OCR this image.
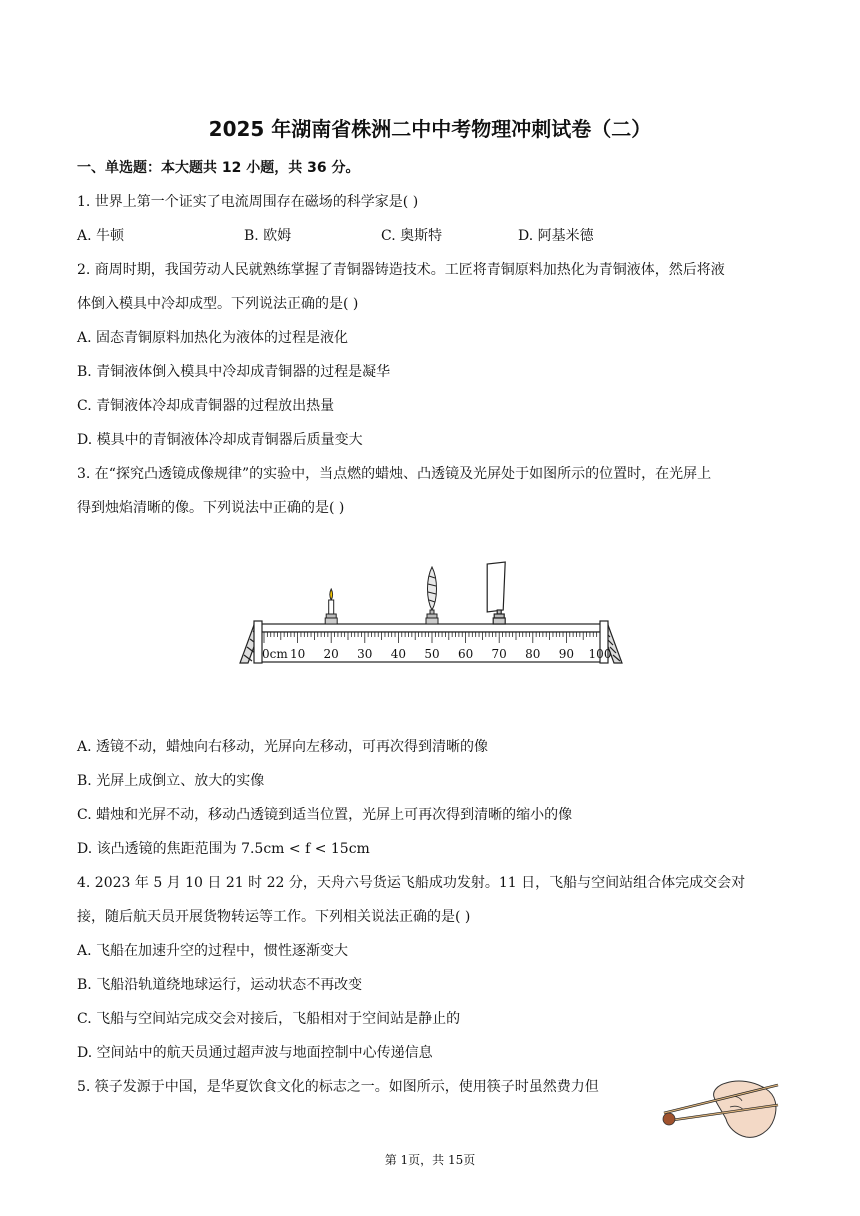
2025 年湖南省株洲二中中考物理冲刺试卷（二）
一、单选题：本大题共 12 小题，共 36 分。
1. 世界上第一个证实了电流周围存在磁场的科学家是( )
A. 牛顿	B. 欧姆	C. 奥斯特	D. 阿基米德
2. 商周时期，我国劳动人民就熟练掌握了青铜器铸造技术。工匠将青铜原料加热化为青铜液体，然后将液
体倒入模具中冷却成型。下列说法正确的是( )
A. 固态青铜原料加热化为液体的过程是液化
B. 青铜液体倒入模具中冷却成青铜器的过程是凝华
C. 青铜液体冷却成青铜器的过程放出热量
D. 模具中的青铜液体冷却成青铜器后质量变大
3. 在“探究凸透镜成像规律”的实验中，当点燃的蜡烛、凸透镜及光屏处于如图所示的位置时，在光屏上
得到烛焰清晰的像。下列说法中正确的是( )
0cm 10 20 30 40 50 60 70 80 90 100
A. 透镜不动，蜡烛向右移动，光屏向左移动，可再次得到清晰的像
B. 光屏上成倒立、放大的实像
C. 蜡烛和光屏不动，移动凸透镜到适当位置，光屏上可再次得到清晰的缩小的像
D. 该凸透镜的焦距范围为 7.5cm < f < 15cm
4. 2023 年 5 月 10 日 21 时 22 分，天舟六号货运飞船成功发射。11 日，飞船与空间站组合体完成交会对
接，随后航天员开展货物转运等工作。下列相关说法正确的是( )
A. 飞船在加速升空的过程中，惯性逐渐变大
B. 飞船沿轨道绕地球运行，运动状态不再改变
C. 飞船与空间站完成交会对接后，飞船相对于空间站是静止的
D. 空间站中的航天员通过超声波与地面控制中心传递信息
5. 筷子发源于中国，是华夏饮食文化的标志之一。如图所示，使用筷子时虽然费力但
第 1页，共 15页
